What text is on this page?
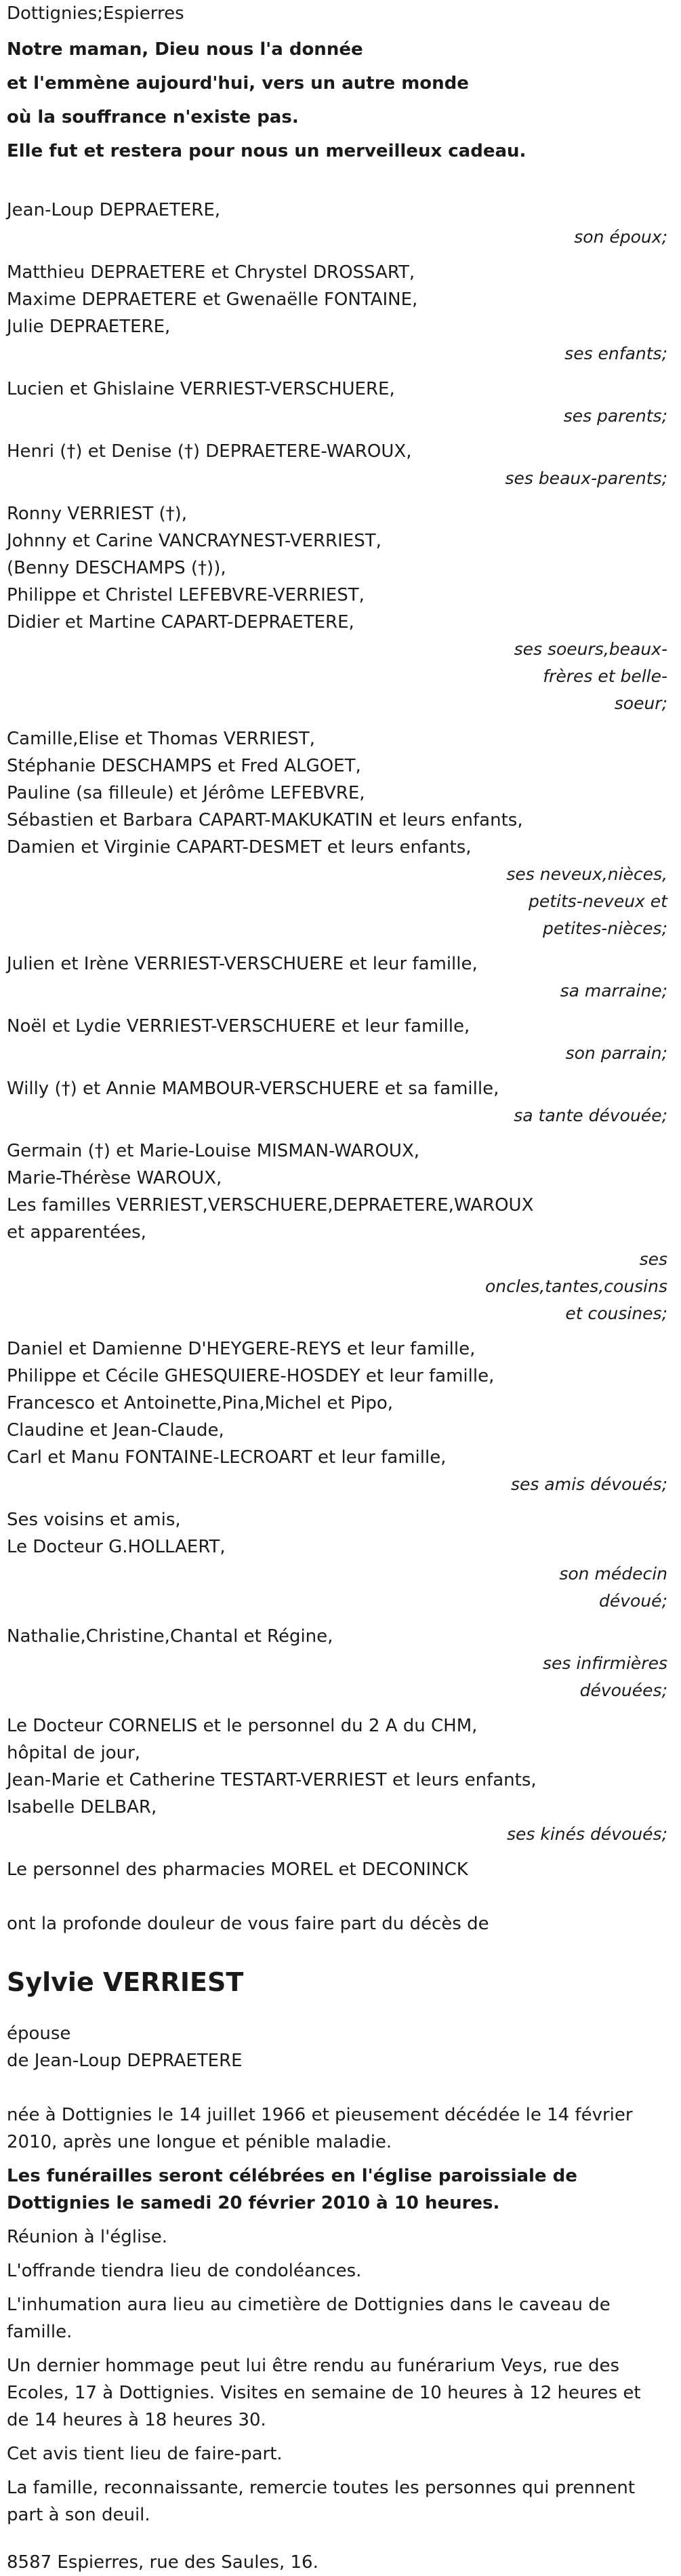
Dottignies;Espierres
Notre maman, Dieu nous l'a donnée
et l'emmène aujourd'hui, vers un autre monde
où la souffrance n'existe pas.
Elle fut et restera pour nous un merveilleux cadeau.
Jean-Loup DEPRAETERE,
son époux;
Matthieu DEPRAETERE et Chrystel DROSSART,
Maxime DEPRAETERE et Gwenaëlle FONTAINE,
Julie DEPRAETERE,
ses enfants;
Lucien et Ghislaine VERRIEST-VERSCHUERE,
ses parents;
Henri (†) et Denise (†) DEPRAETERE-WAROUX,
ses beaux-parents;
Ronny VERRIEST (†),
Johnny et Carine VANCRAYNEST-VERRIEST,
(Benny DESCHAMPS (†)),
Philippe et Christel LEFEBVRE-VERRIEST,
Didier et Martine CAPART-DEPRAETERE,
ses soeurs,beaux-
frères et belle-
soeur;
Camille,Elise et Thomas VERRIEST,
Stéphanie DESCHAMPS et Fred ALGOET,
Pauline (sa filleule) et Jérôme LEFEBVRE,
Sébastien et Barbara CAPART-MAKUKATIN et leurs enfants,
Damien et Virginie CAPART-DESMET et leurs enfants,
ses neveux,nièces,
petits-neveux et
petites-nièces;
Julien et Irène VERRIEST-VERSCHUERE et leur famille,
sa marraine;
Noël et Lydie VERRIEST-VERSCHUERE et leur famille,
son parrain;
Willy (†) et Annie MAMBOUR-VERSCHUERE et sa famille,
sa tante dévouée;
Germain (†) et Marie-Louise MISMAN-WAROUX,
Marie-Thérèse WAROUX,
Les familles VERRIEST,VERSCHUERE,DEPRAETERE,WAROUX
et apparentées,
ses
oncles,tantes,cousins
et cousines;
Daniel et Damienne D'HEYGERE-REYS et leur famille,
Philippe et Cécile GHESQUIERE-HOSDEY et leur famille,
Francesco et Antoinette,Pina,Michel et Pipo,
Claudine et Jean-Claude,
Carl et Manu FONTAINE-LECROART et leur famille,
ses amis dévoués;
Ses voisins et amis,
Le Docteur G.HOLLAERT,
son médecin
dévoué;
Nathalie,Christine,Chantal et Régine,
ses infirmières
dévouées;
Le Docteur CORNELIS et le personnel du 2 A du CHM,
hôpital de jour,
Jean-Marie et Catherine TESTART-VERRIEST et leurs enfants,
Isabelle DELBAR,
ses kinés dévoués;
Le personnel des pharmacies MOREL et DECONINCK
ont la profonde douleur de vous faire part du décès de
Sylvie VERRIEST
épouse
de Jean-Loup DEPRAETERE
née à Dottignies le 14 juillet 1966 et pieusement décédée le 14 février 2010, après une longue et pénible maladie.
Les funérailles seront célébrées en l'église paroissiale de Dottignies le samedi 20 février 2010 à 10 heures.
Réunion à l'église.
L'offrande tiendra lieu de condoléances.
L'inhumation aura lieu au cimetière de Dottignies dans le caveau de famille.
Un dernier hommage peut lui être rendu au funérarium Veys, rue des Ecoles, 17 à Dottignies. Visites en semaine de 10 heures à 12 heures et de 14 heures à 18 heures 30.
Cet avis tient lieu de faire-part.
La famille, reconnaissante, remercie toutes les personnes qui prennent part à son deuil.
8587 Espierres, rue des Saules, 16.
